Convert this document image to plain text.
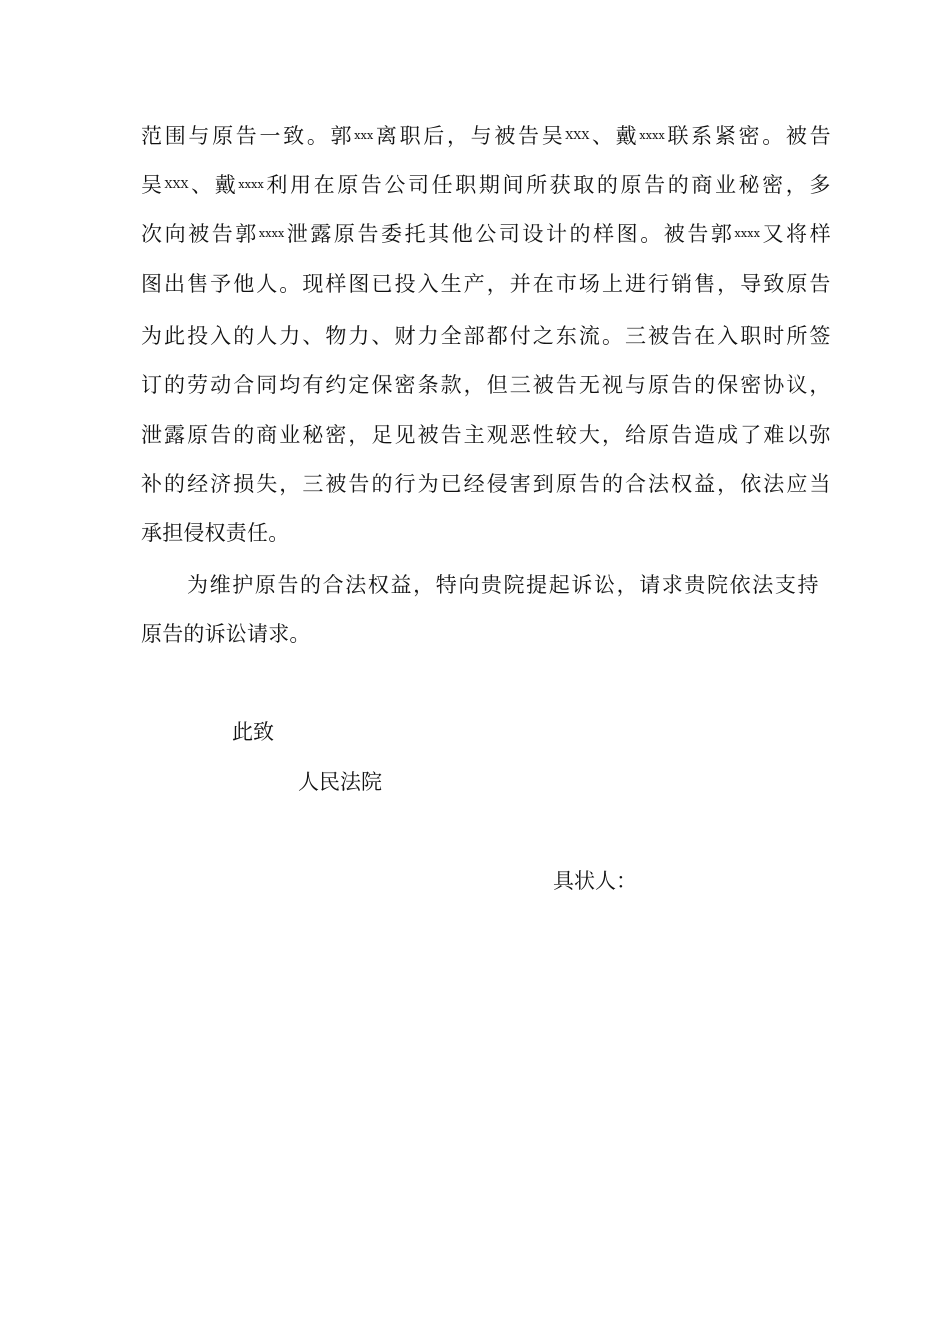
范 围 与 原 告 一 致 。 郭 xxx 离 职 后 ， 与 被 告 吴 XXX 、 戴 xxxx 联 系 紧 密 。 被 告
吴 XXX 、 戴 xxxx 利 用 在 原 告 公 司 任 职 期 间 所 获 取 的 原 告 的 商 业 秘 密 ， 多
次 向 被 告 郭 xxxx 泄 露 原 告 委 托 其 他 公 司 设 计 的 样 图 。 被 告 郭 xxxx 又 将 样
图 出 售 予 他 人 。 现 样 图 已 投 入 生 产 ， 并 在 市 场 上 进 行 销 售 ， 导 致 原 告
为 此 投 入 的 人 力 、 物 力 、 财 力 全 部 都 付 之 东 流 。 三 被 告 在 入 职 时 所 签
订 的 劳 动 合 同 均 有 约 定 保 密 条 款 ， 但 三 被 告 无 视 与 原 告 的 保 密 协 议 ，
泄 露 原 告 的 商 业 秘 密 ， 足 见 被 告 主 观 恶 性 较 大 ， 给 原 告 造 成 了 难 以 弥
补 的 经 济 损 失 ， 三 被 告 的 行 为 已 经 侵 害 到 原 告 的 合 法 权 益 ， 依 法 应 当
承担侵权责任。
为 维 护 原 告 的 合 法 权 益 ， 特 向 贵 院 提 起 诉 讼 ， 请 求 贵 院 依 法 支 持
原告的诉讼请求。
此致
人民法院
具状人：
